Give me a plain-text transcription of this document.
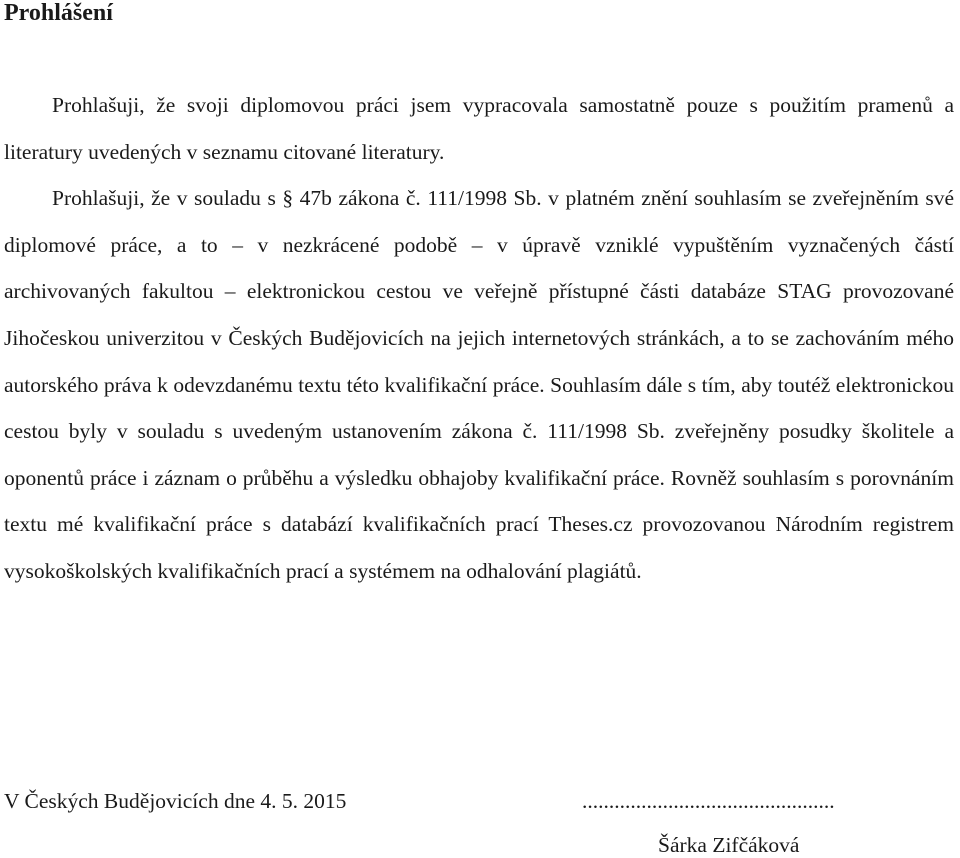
Prohlášení

Prohlašuji, že svoji diplomovou práci jsem vypracovala samostatně pouze s použitím pramenů a literatury uvedených v seznamu citované literatury.

Prohlašuji, že v souladu s § 47b zákona č. 111/1998 Sb. v platném znění souhlasím se zveřejněním své diplomové práce, a to – v nezkrácené podobě – v úpravě vzniklé vypuštěním vyznačených částí archivovaných fakultou – elektronickou cestou ve veřejně přístupné části databáze STAG provozované Jihočeskou univerzitou v Českých Budějovicích na jejich internetových stránkách, a to se zachováním mého autorského práva k odevzdanému textu této kvalifikační práce. Souhlasím dále s tím, aby toutéž elektronickou cestou byly v souladu s uvedeným ustanovením zákona č. 111/1998 Sb. zveřejněny posudky školitele a oponentů práce i záznam o průběhu a výsledku obhajoby kvalifikační práce. Rovněž souhlasím s porovnáním textu mé kvalifikační práce s databází kvalifikačních prací Theses.cz provozovanou Národním registrem vysokoškolských kvalifikačních prací a systémem na odhalování plagiátů.

V Českých Budějovicích dne 4. 5. 2015	...............................................
Šárka Zifčáková
